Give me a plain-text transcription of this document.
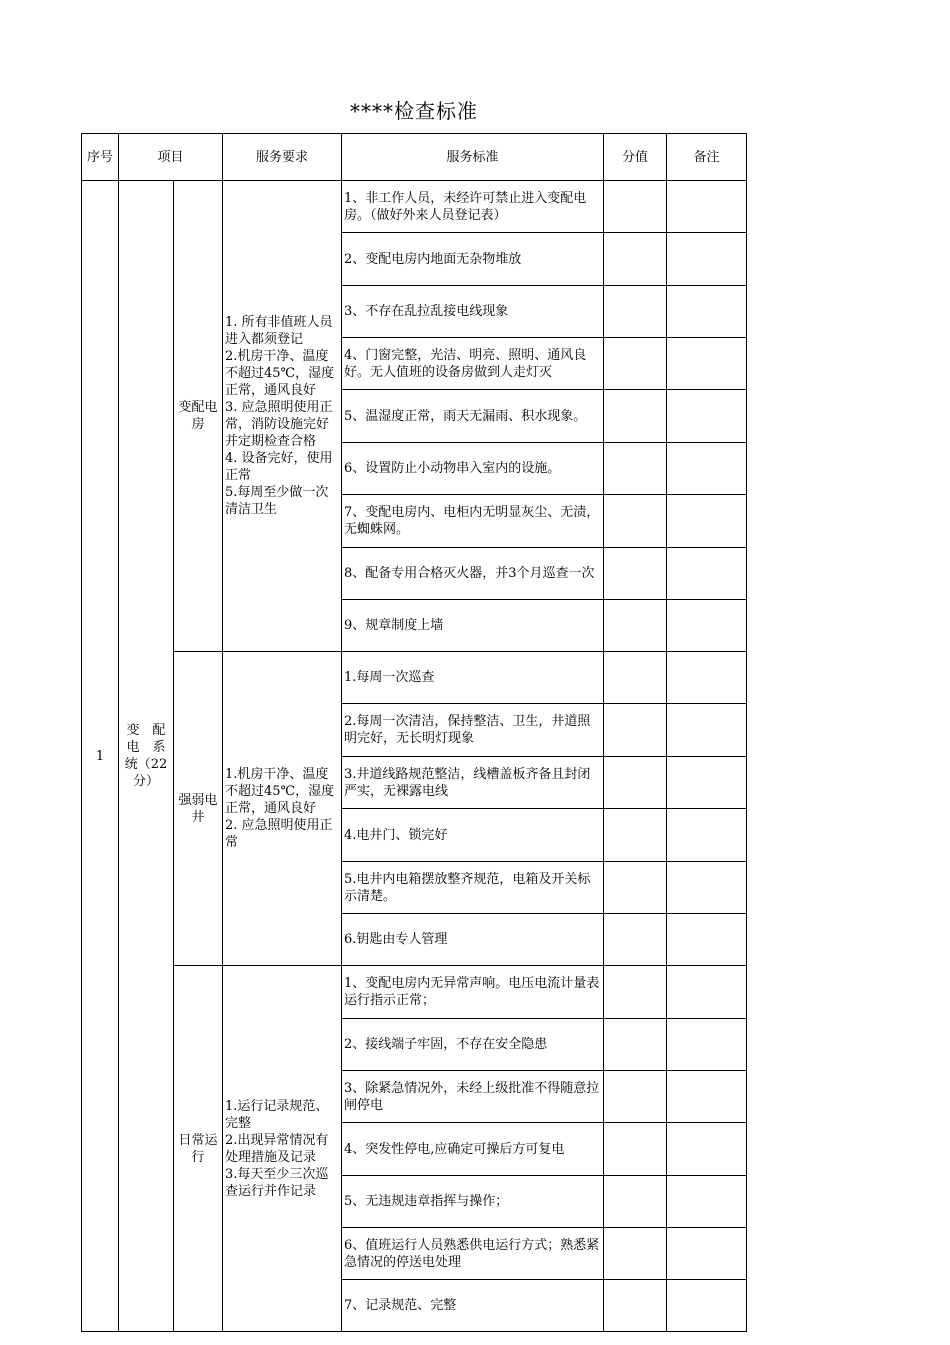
****检查标准
序号	项目		服务要求	服务标准	分值	备注
1	变　配电　系统（22分）	变配电房	1. 所有非值班人员进入都须登记
2.机房干净、温度不超过45℃，湿度正常，通风良好
3. 应急照明使用正常，消防设施完好并定期检查合格
4. 设备完好，使用正常
5.每周至少做一次清洁卫生	1、非工作人员，未经许可禁止进入变配电房。（做好外来人员登记表）		
				2、变配电房内地面无杂物堆放		
				3、不存在乱拉乱接电线现象		
				4、门窗完整，光洁、明亮、照明、通风良好。无人值班的设备房做到人走灯灭		
				5、温湿度正常，雨天无漏雨、积水现象。		
				6、设置防止小动物串入室内的设施。		
				7、变配电房内、电柜内无明显灰尘、无渍，无蜘蛛网。		
				8、配备专用合格灭火器，并3个月巡查一次		
				9、规章制度上墙		
		强弱电井	1.机房干净、温度不超过45℃，湿度正常，通风良好
2. 应急照明使用正常	1.每周一次巡查		
				2.每周一次清洁，保持整洁、卫生，井道照明完好，无长明灯现象		
				3.井道线路规范整洁，线槽盖板齐备且封闭严实，无裸露电线		
				4.电井门、锁完好		
				5.电井内电箱摆放整齐规范，电箱及开关标示清楚。		
				6.钥匙由专人管理		
		日常运行	1.运行记录规范、完整
2.出现异常情况有处理措施及记录
3.每天至少三次巡查运行并作记录	1、变配电房内无异常声响。电压电流计量表运行指示正常；		
				2、接线端子牢固，不存在安全隐患		
				3、除紧急情况外，未经上级批准不得随意拉闸停电		
				4、突发性停电,应确定可操后方可复电		
				5、无违规违章指挥与操作；		
				6、值班运行人员熟悉供电运行方式；熟悉紧急情况的停送电处理		
				7、记录规范、完整		
